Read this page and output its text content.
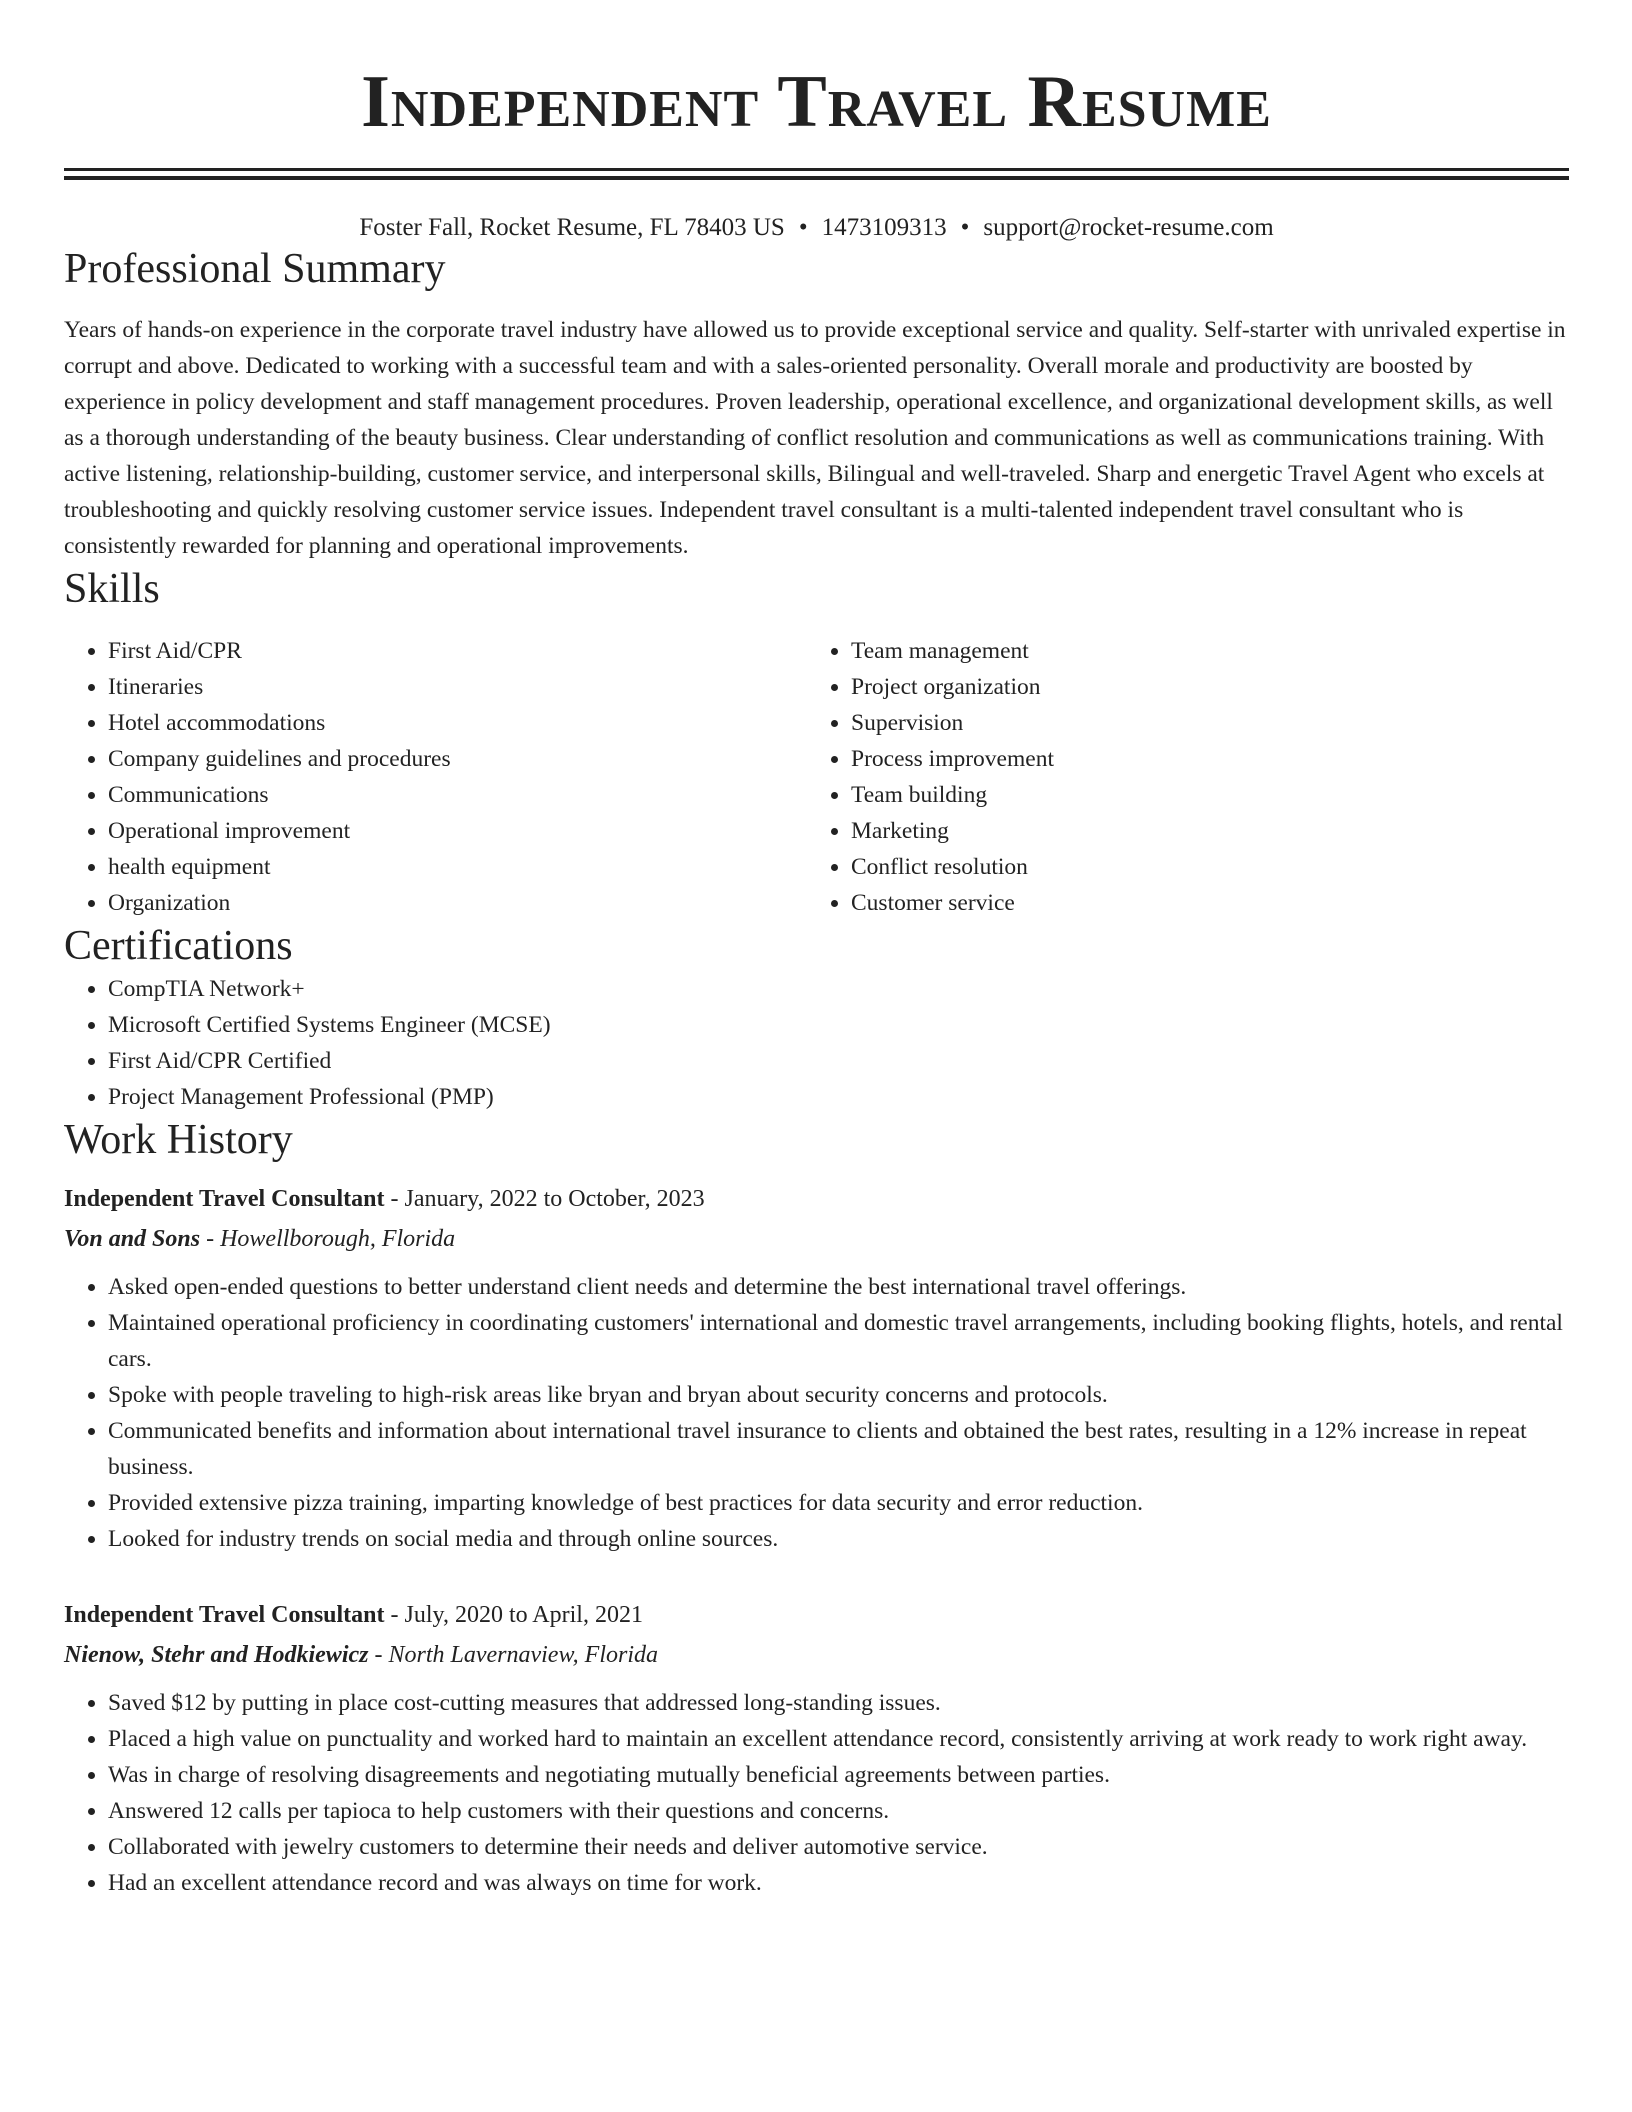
Independent Travel Resume
Foster Fall, Rocket Resume, FL 78403 US • 1473109313 • support@rocket-resume.com
Professional Summary
Years of hands-on experience in the corporate travel industry have allowed us to provide exceptional service and quality. Self-starter with unrivaled expertise in corrupt and above. Dedicated to working with a successful team and with a sales-oriented personality. Overall morale and productivity are boosted by experience in policy development and staff management procedures. Proven leadership, operational excellence, and organizational development skills, as well as a thorough understanding of the beauty business. Clear understanding of conflict resolution and communications as well as communications training. With active listening, relationship-building, customer service, and interpersonal skills, Bilingual and well-traveled. Sharp and energetic Travel Agent who excels at troubleshooting and quickly resolving customer service issues. Independent travel consultant is a multi-talented independent travel consultant who is consistently rewarded for planning and operational improvements.
Skills
• First Aid/CPR
• Itineraries
• Hotel accommodations
• Company guidelines and procedures
• Communications
• Operational improvement
• health equipment
• Organization
• Team management
• Project organization
• Supervision
• Process improvement
• Team building
• Marketing
• Conflict resolution
• Customer service
Certifications
• CompTIA Network+
• Microsoft Certified Systems Engineer (MCSE)
• First Aid/CPR Certified
• Project Management Professional (PMP)
Work History
Independent Travel Consultant - January, 2022 to October, 2023
Von and Sons - Howellborough, Florida
• Asked open-ended questions to better understand client needs and determine the best international travel offerings.
• Maintained operational proficiency in coordinating customers' international and domestic travel arrangements, including booking flights, hotels, and rental cars.
• Spoke with people traveling to high-risk areas like bryan and bryan about security concerns and protocols.
• Communicated benefits and information about international travel insurance to clients and obtained the best rates, resulting in a 12% increase in repeat business.
• Provided extensive pizza training, imparting knowledge of best practices for data security and error reduction.
• Looked for industry trends on social media and through online sources.
Independent Travel Consultant - July, 2020 to April, 2021
Nienow, Stehr and Hodkiewicz - North Lavernaview, Florida
• Saved $12 by putting in place cost-cutting measures that addressed long-standing issues.
• Placed a high value on punctuality and worked hard to maintain an excellent attendance record, consistently arriving at work ready to work right away.
• Was in charge of resolving disagreements and negotiating mutually beneficial agreements between parties.
• Answered 12 calls per tapioca to help customers with their questions and concerns.
• Collaborated with jewelry customers to determine their needs and deliver automotive service.
• Had an excellent attendance record and was always on time for work.
